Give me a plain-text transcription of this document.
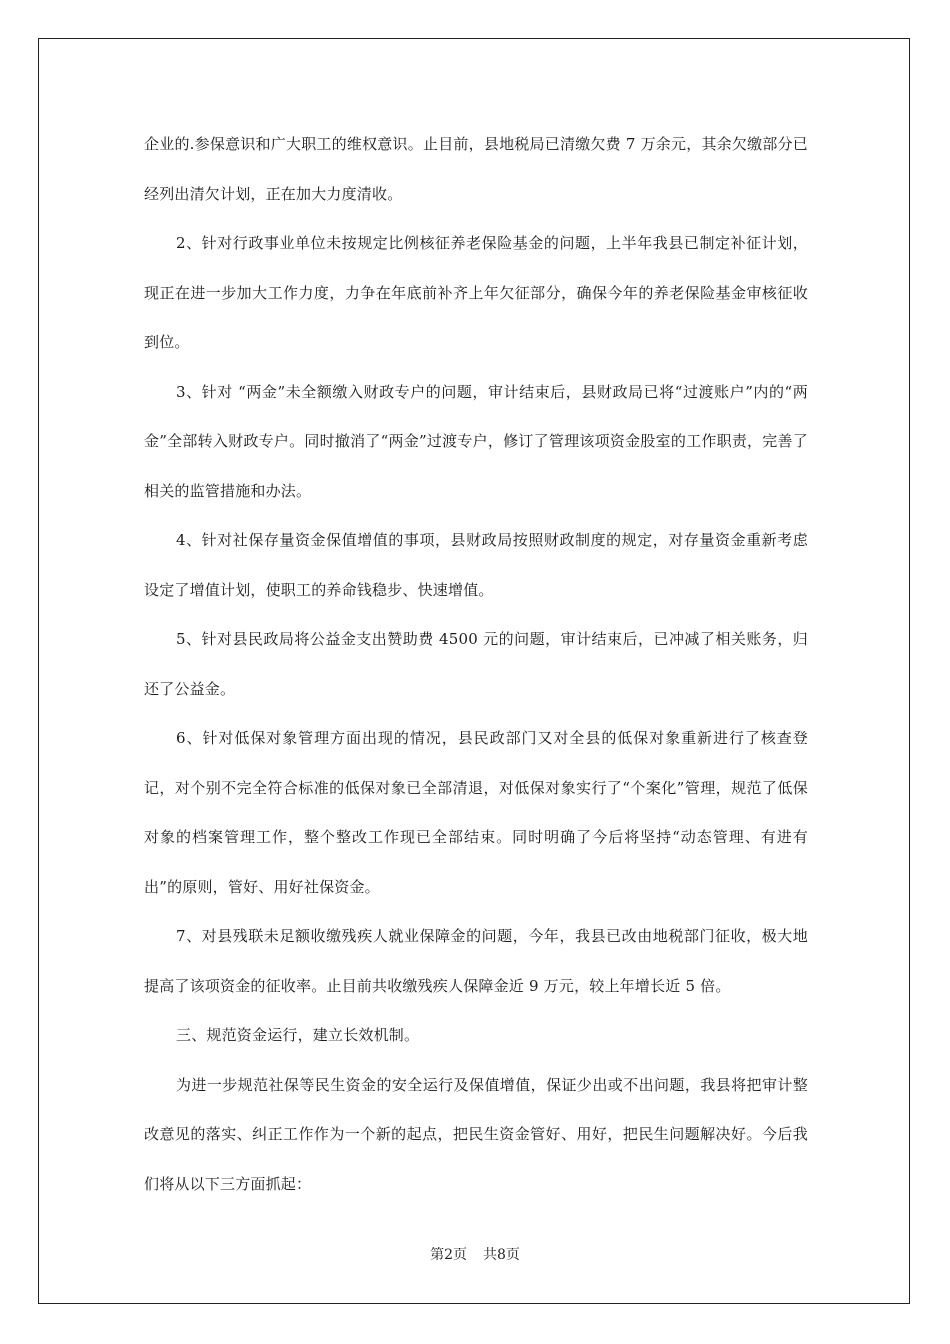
企业的.参保意识和广大职工的维权意识。止目前，县地税局已清缴欠费 7 万余元，其余欠缴部分已经列出清欠计划，正在加大力度清收。

2、针对行政事业单位未按规定比例核征养老保险基金的问题，上半年我县已制定补征计划，现正在进一步加大工作力度，力争在年底前补齐上年欠征部分，确保今年的养老保险基金审核征收到位。

3、针对 “两金”未全额缴入财政专户的问题，审计结束后，县财政局已将“过渡账户”内的“两金”全部转入财政专户。同时撤消了“两金”过渡专户，修订了管理该项资金股室的工作职责，完善了相关的监管措施和办法。

4、针对社保存量资金保值增值的事项，县财政局按照财政制度的规定，对存量资金重新考虑设定了增值计划，使职工的养命钱稳步、快速增值。

5、针对县民政局将公益金支出赞助费 4500 元的问题，审计结束后，已冲减了相关账务，归还了公益金。

6、针对低保对象管理方面出现的情况，县民政部门又对全县的低保对象重新进行了核查登记，对个别不完全符合标准的低保对象已全部清退，对低保对象实行了“个案化”管理，规范了低保对象的档案管理工作，整个整改工作现已全部结束。同时明确了今后将坚持“动态管理、有进有出”的原则，管好、用好社保资金。

7、对县残联未足额收缴残疾人就业保障金的问题，今年，我县已改由地税部门征收，极大地提高了该项资金的征收率。止目前共收缴残疾人保障金近 9 万元，较上年增长近 5 倍。

三、规范资金运行，建立长效机制。

为进一步规范社保等民生资金的安全运行及保值增值，保证少出或不出问题，我县将把审计整改意见的落实、纠正工作作为一个新的起点，把民生资金管好、用好，把民生问题解决好。今后我们将从以下三方面抓起：

第2页 共8页
